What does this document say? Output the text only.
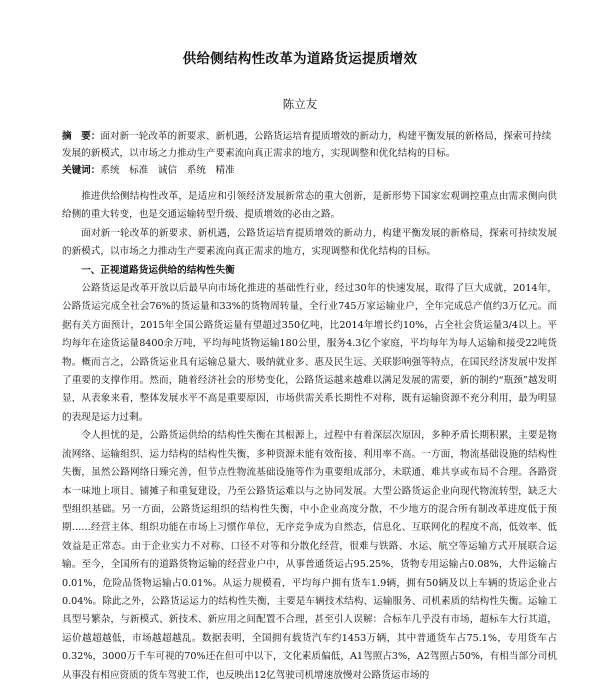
供给侧结构性改革为道路货运提质增效
陈立友

摘　要：面对新一轮改革的新要求、新机遇，公路货运培育提质增效的新动力，构建平衡发展的新格局，探索可持续发展的新模式，以市场之力推动生产要素流向真正需求的地方，实现调整和优化结构的目标。

关键词：系统　标准　诚信　系统　精准

推进供给侧结构性改革，是适应和引领经济发展新常态的重大创新，是新形势下国家宏观调控重点由需求侧向供给侧的重大转变，也是交通运输转型升级、提质增效的必由之路。

面对新一轮改革的新要求、新机遇，公路货运培育提质增效的新动力，构建平衡发展的新格局，探索可持续发展的新模式，以市场之力推动生产要素流向真正需求的地方，实现调整和优化结构的目标。

一、正视道路货运供给的结构性失衡

公路货运是改革开放以后最早向市场化推进的基础性行业，经过30年的快速发展，取得了巨大成就，2014年，公路货运完成全社会76%的货运量和33%的货物周转量，全行业745万家运输业户，全年完成总产值约3万亿元。而据有关方面预计，2015年全国公路货运量有望超过350亿吨，比2014年增长约10%，占全社会货运量3/4以上。平均每年在途货运量8400余万吨，平均每吨货物运输180公里，服务4.3亿个家庭，平均每年为每人运输和接受22吨货物。概而言之，公路货运业具有运输总量大、吸纳就业多、惠及民生远、关联影响强等特点，在国民经济发展中发挥了重要的支撑作用。然而，随着经济社会的形势变化，公路货运越来越难以满足发展的需要，新的制约“瓶颈”越发明显，从表象来看，整体发展水平不高是重要原因，市场供需关系长期性不对称，既有运输资源不充分利用，最为明显的表现是运力过剩。

令人担忧的是，公路货运供给的结构性失衡在其根源上，过程中有着深层次原因，多种矛盾长期积累，主要是物流网络、运输组织、运力结构的结构性失衡，多种资源未能有效衔接、利用率不高。一方面，物流基础设施的结构性失衡，虽然公路网络日臻完善，但节点性物流基础设施等作为重要组成部分，未联通、难共享或布局不合理。各路资本一味地上项目、铺摊子和重复建设，乃至公路货运难以与之协同发展。大型公路货运企业向现代物流转型，缺乏大型组织基础。另一方面，公路货运组织的结构性失衡，中小企业高度分散，不少地方的混合所有制改革进度低于预期……经营主体、组织功能在市场上习惯作单位，无序竞争成为自然态，信息化、互联网化的程度不高，低效率、低效益是正常态。由于企业实力不对称、口径不对等和分散化经营，很难与铁路、水运、航空等运输方式开展联合运输。至今，全国所有的道路货物运输的经营业户中，从事普通货运占95.25%，货物专用运输占0.08%，大件运输占0.01%，危险品货物运输占0.01%。从运力规模看，平均每户拥有货车1.9辆，拥有50辆及以上车辆的货运企业占0.04%。除此之外，公路货运运力的结构性失衡，主要是车辆技术结构、运输服务、司机素质的结构性失衡。运输工具型号繁杂，与新模式、新技术、新应用之间配置不合理，甚至引人误解：合标车几乎没有市场，超标车大行其道，运价越超越低，市场越超越乱。数据表明，全国拥有载货汽车约1453万辆，其中普通货车占75.1%，专用货车占0.32%，3000万千车可视的70%还在但可中以下，文化素质偏低，A1驾照占3%，A2驾照占50%，有相当部分司机从事没有相应资质的货车驾驶工作，也反映出12亿驾驶司机增速放慢对公路货运市场的
